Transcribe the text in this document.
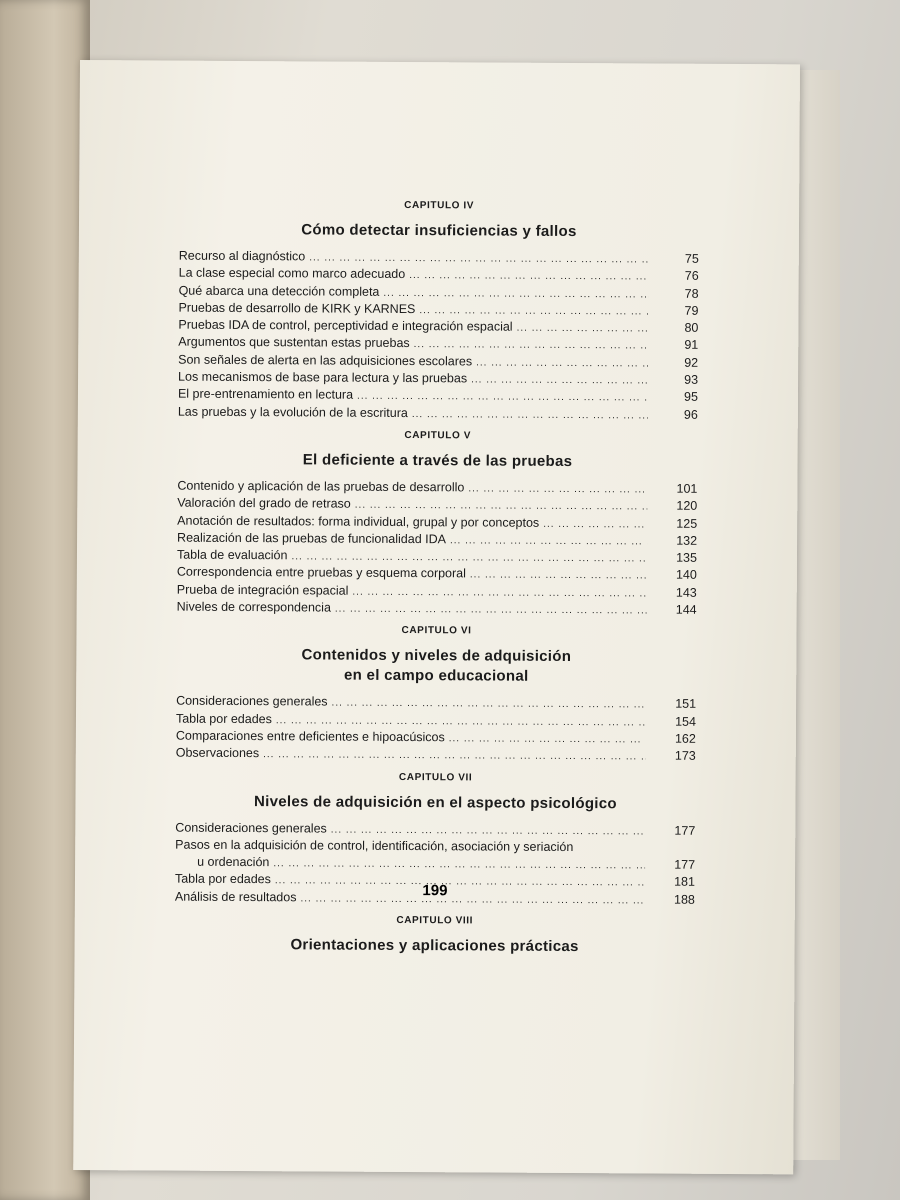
CAPITULO IV
Cómo detectar insuficiencias y fallos
Recurso al diagnóstico ... .	75
La clase especial como marco adecuado ... .	76
Qué abarca una detección completa ... .	78
Pruebas de desarrollo de KIRK y KARNES ... .	79
Pruebas IDA de control, perceptividad e integración espacial ... .	80
Argumentos que sustentan estas pruebas ... .	91
Son señales de alerta en las adquisiciones escolares ... .	92
Los mecanismos de base para lectura y las pruebas ... .	93
El pre-entrenamiento en lectura ... .	95
Las pruebas y la evolución de la escritura ... .	96
CAPITULO V
El deficiente a través de las pruebas
Contenido y aplicación de las pruebas de desarrollo ... .	101
Valoración del grado de retraso ... .	120
Anotación de resultados: forma individual, grupal y por conceptos ... .	125
Realización de las pruebas de funcionalidad IDA ... .	132
Tabla de evaluación ... .	135
Correspondencia entre pruebas y esquema corporal ... .	140
Prueba de integración espacial ... .	143
Niveles de correspondencia ... .	144
CAPITULO VI
Contenidos y niveles de adquisición
en el campo educacional
Consideraciones generales ... .	151
Tabla por edades ... .	154
Comparaciones entre deficientes e hipoacúsicos ... .	162
Observaciones ... .	173
CAPITULO VII
Niveles de adquisición en el aspecto psicológico
Consideraciones generales ... .	177
Pasos en la adquisición de control, identificación, asociación y seriación
u ordenación ... .	177
Tabla por edades ... .	181
Análisis de resultados ... .	188
CAPITULO VIII
Orientaciones y aplicaciones prácticas
199
